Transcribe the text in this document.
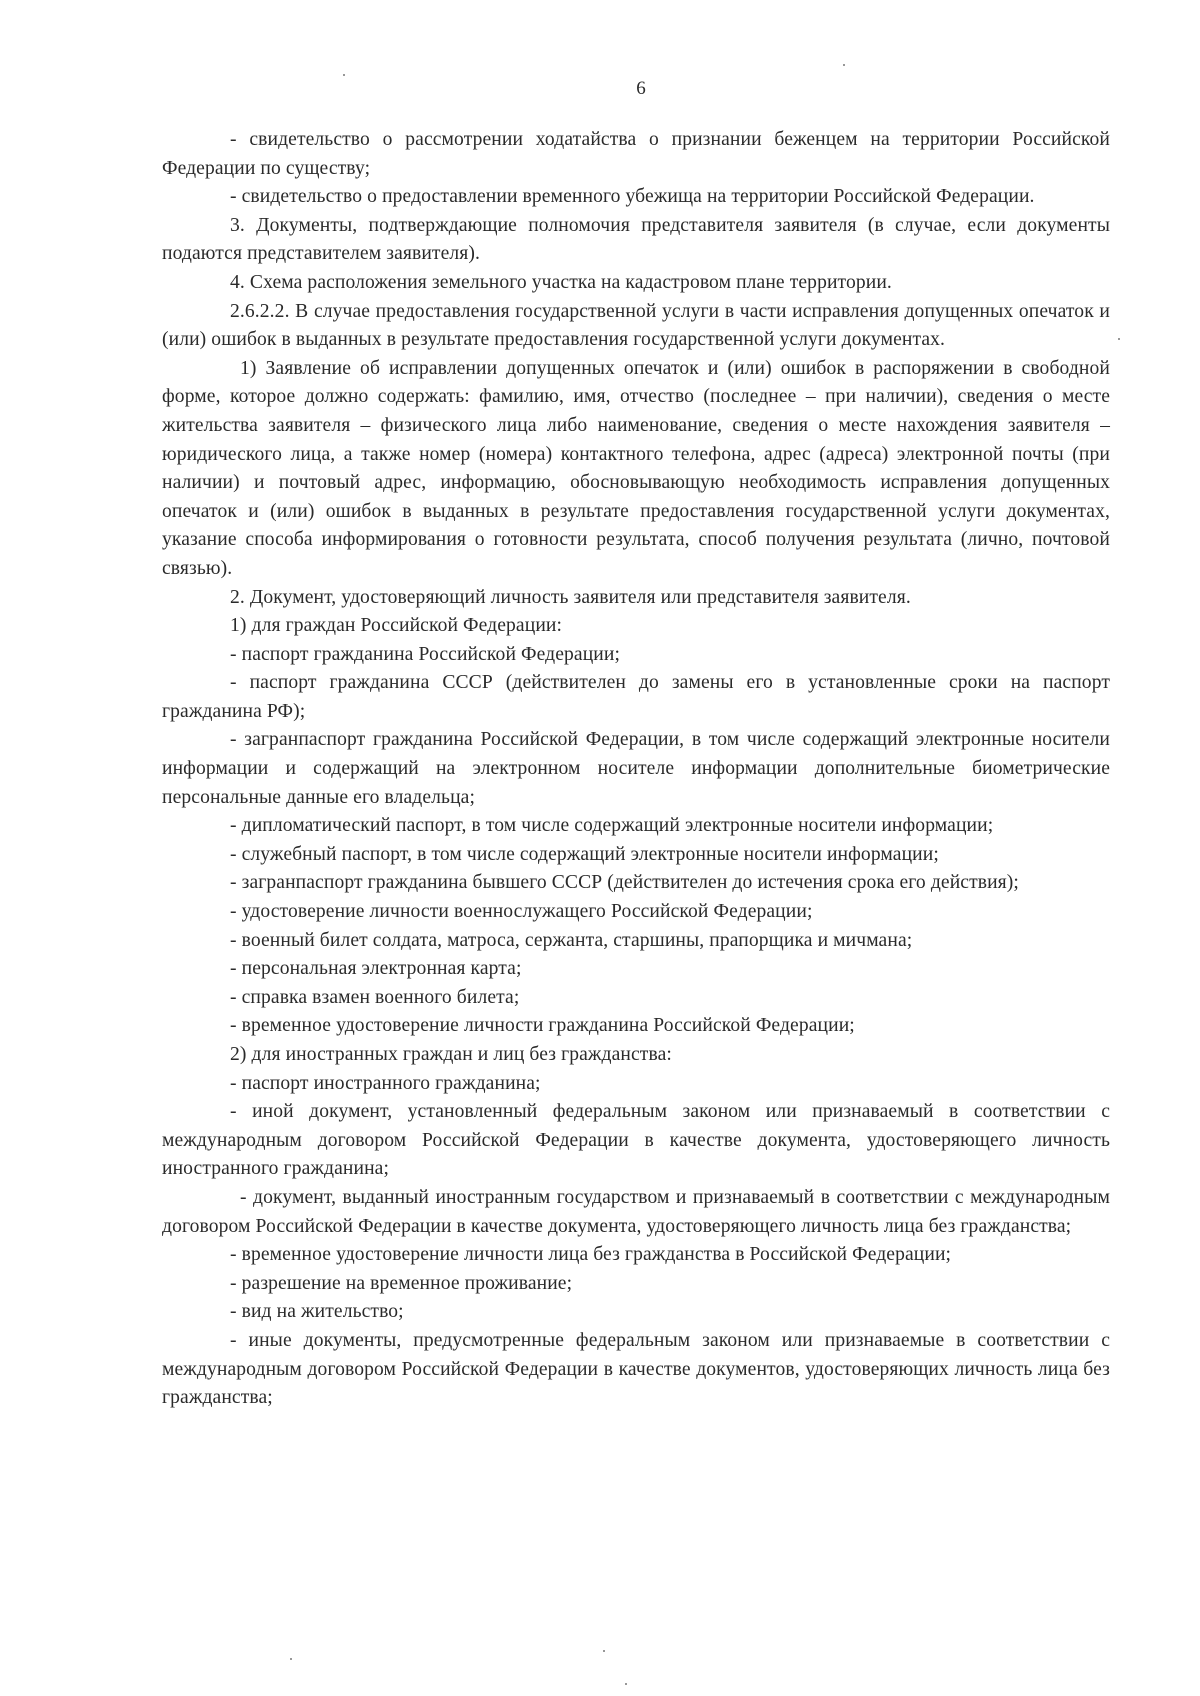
6

- свидетельство о рассмотрении ходатайства о признании беженцем на территории Российской Федерации по существу;

- свидетельство о предоставлении временного убежища на территории Российской Федерации.

3. Документы, подтверждающие полномочия представителя заявителя (в случае, если документы подаются представителем заявителя).

4. Схема расположения земельного участка на кадастровом плане территории.

2.6.2.2. В случае предоставления государственной услуги в части исправления допущенных опечаток и (или) ошибок в выданных в результате предоставления государственной услуги документах.

1) Заявление об исправлении допущенных опечаток и (или) ошибок в распоряжении в свободной форме, которое должно содержать: фамилию, имя, отчество (последнее – при наличии), сведения о месте жительства заявителя – физического лица либо наименование, сведения о месте нахождения заявителя – юридического лица, а также номер (номера) контактного телефона, адрес (адреса) электронной почты (при наличии) и почтовый адрес, информацию, обосновывающую необходимость исправления допущенных опечаток и (или) ошибок в выданных в результате предоставления государственной услуги документах, указание способа информирования о готовности результата, способ получения результата (лично, почтовой связью).

2. Документ, удостоверяющий личность заявителя или представителя заявителя.

1) для граждан Российской Федерации:

- паспорт гражданина Российской Федерации;

- паспорт гражданина СССР (действителен до замены его в установленные сроки на паспорт гражданина РФ);

- загранпаспорт гражданина Российской Федерации, в том числе содержащий электронные носители информации и содержащий на электронном носителе информации дополнительные биометрические персональные данные его владельца;

- дипломатический паспорт, в том числе содержащий электронные носители информации;

- служебный паспорт, в том числе содержащий электронные носители информации;

- загранпаспорт гражданина бывшего СССР (действителен до истечения срока его действия);

- удостоверение личности военнослужащего Российской Федерации;

- военный билет солдата, матроса, сержанта, старшины, прапорщика и мичмана;

- персональная электронная карта;

- справка взамен военного билета;

- временное удостоверение личности гражданина Российской Федерации;

2) для иностранных граждан и лиц без гражданства:

- паспорт иностранного гражданина;

- иной документ, установленный федеральным законом или признаваемый в соответствии с международным договором Российской Федерации в качестве документа, удостоверяющего личность иностранного гражданина;

- документ, выданный иностранным государством и признаваемый в соответствии с международным договором Российской Федерации в качестве документа, удостоверяющего личность лица без гражданства;

- временное удостоверение личности лица без гражданства в Российской Федерации;

- разрешение на временное проживание;

- вид на жительство;

- иные документы, предусмотренные федеральным законом или признаваемые в соответствии с международным договором Российской Федерации в качестве документов, удостоверяющих личность лица без гражданства;
